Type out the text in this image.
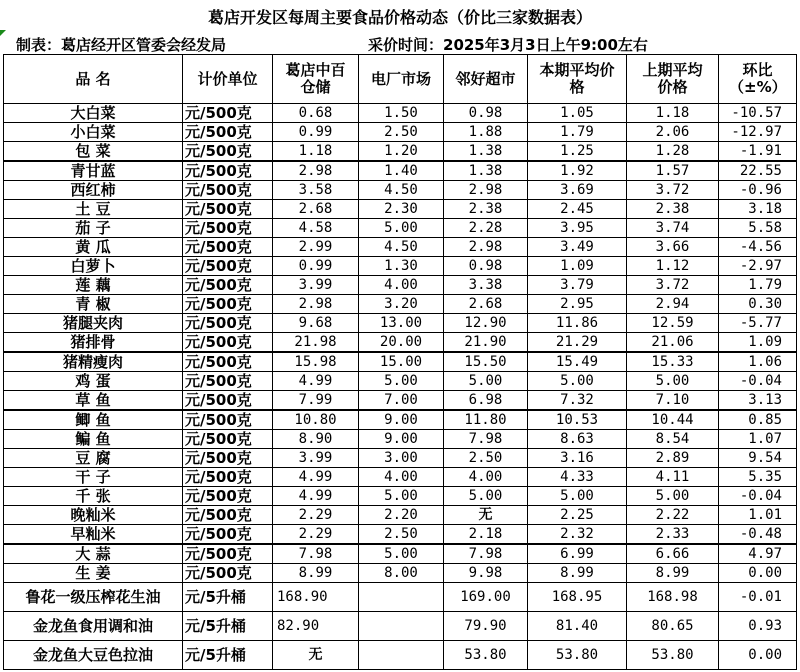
葛店开发区每周主要食品价格动态（价比三家数据表）
制表：葛店经开区管委会经发局	采价时间：2025年3月3日上午9:00左右
品 名	计价单位	葛店中百仓储	电厂市场	邻好超市	本期平均价格	上期平均价格	环比（±%）
大白菜	元/500克	0.68	1.50	0.98	1.05	1.18	-10.57
小白菜	元/500克	0.99	2.50	1.88	1.79	2.06	-12.97
包 菜	元/500克	1.18	1.20	1.38	1.25	1.28	-1.91
青甘蓝	元/500克	2.98	1.40	1.38	1.92	1.57	22.55
西红柿	元/500克	3.58	4.50	2.98	3.69	3.72	-0.96
土 豆	元/500克	2.68	2.30	2.38	2.45	2.38	3.18
茄 子	元/500克	4.58	5.00	2.28	3.95	3.74	5.58
黄 瓜	元/500克	2.99	4.50	2.98	3.49	3.66	-4.56
白萝卜	元/500克	0.99	1.30	0.98	1.09	1.12	-2.97
莲 藕	元/500克	3.99	4.00	3.38	3.79	3.72	1.79
青 椒	元/500克	2.98	3.20	2.68	2.95	2.94	0.30
猪腿夹肉	元/500克	9.68	13.00	12.90	11.86	12.59	-5.77
猪排骨	元/500克	21.98	20.00	21.90	21.29	21.06	1.09
猪精瘦肉	元/500克	15.98	15.00	15.50	15.49	15.33	1.06
鸡 蛋	元/500克	4.99	5.00	5.00	5.00	5.00	-0.04
草 鱼	元/500克	7.99	7.00	6.98	7.32	7.10	3.13
鲫 鱼	元/500克	10.80	9.00	11.80	10.53	10.44	0.85
鳊 鱼	元/500克	8.90	9.00	7.98	8.63	8.54	1.07
豆 腐	元/500克	3.99	3.00	2.50	3.16	2.89	9.54
干 子	元/500克	4.99	4.00	4.00	4.33	4.11	5.35
千 张	元/500克	4.99	5.00	5.00	5.00	5.00	-0.04
晚籼米	元/500克	2.29	2.20	无	2.25	2.22	1.01
早籼米	元/500克	2.29	2.50	2.18	2.32	2.33	-0.48
大 蒜	元/500克	7.98	5.00	7.98	6.99	6.66	4.97
生 姜	元/500克	8.99	8.00	9.98	8.99	8.99	0.00
鲁花一级压榨花生油	元/5升桶	168.90		169.00	168.95	168.98	-0.01
金龙鱼食用调和油	元/5升桶	82.90		79.90	81.40	80.65	0.93
金龙鱼大豆色拉油	元/5升桶	无		53.80	53.80	53.80	0.00
